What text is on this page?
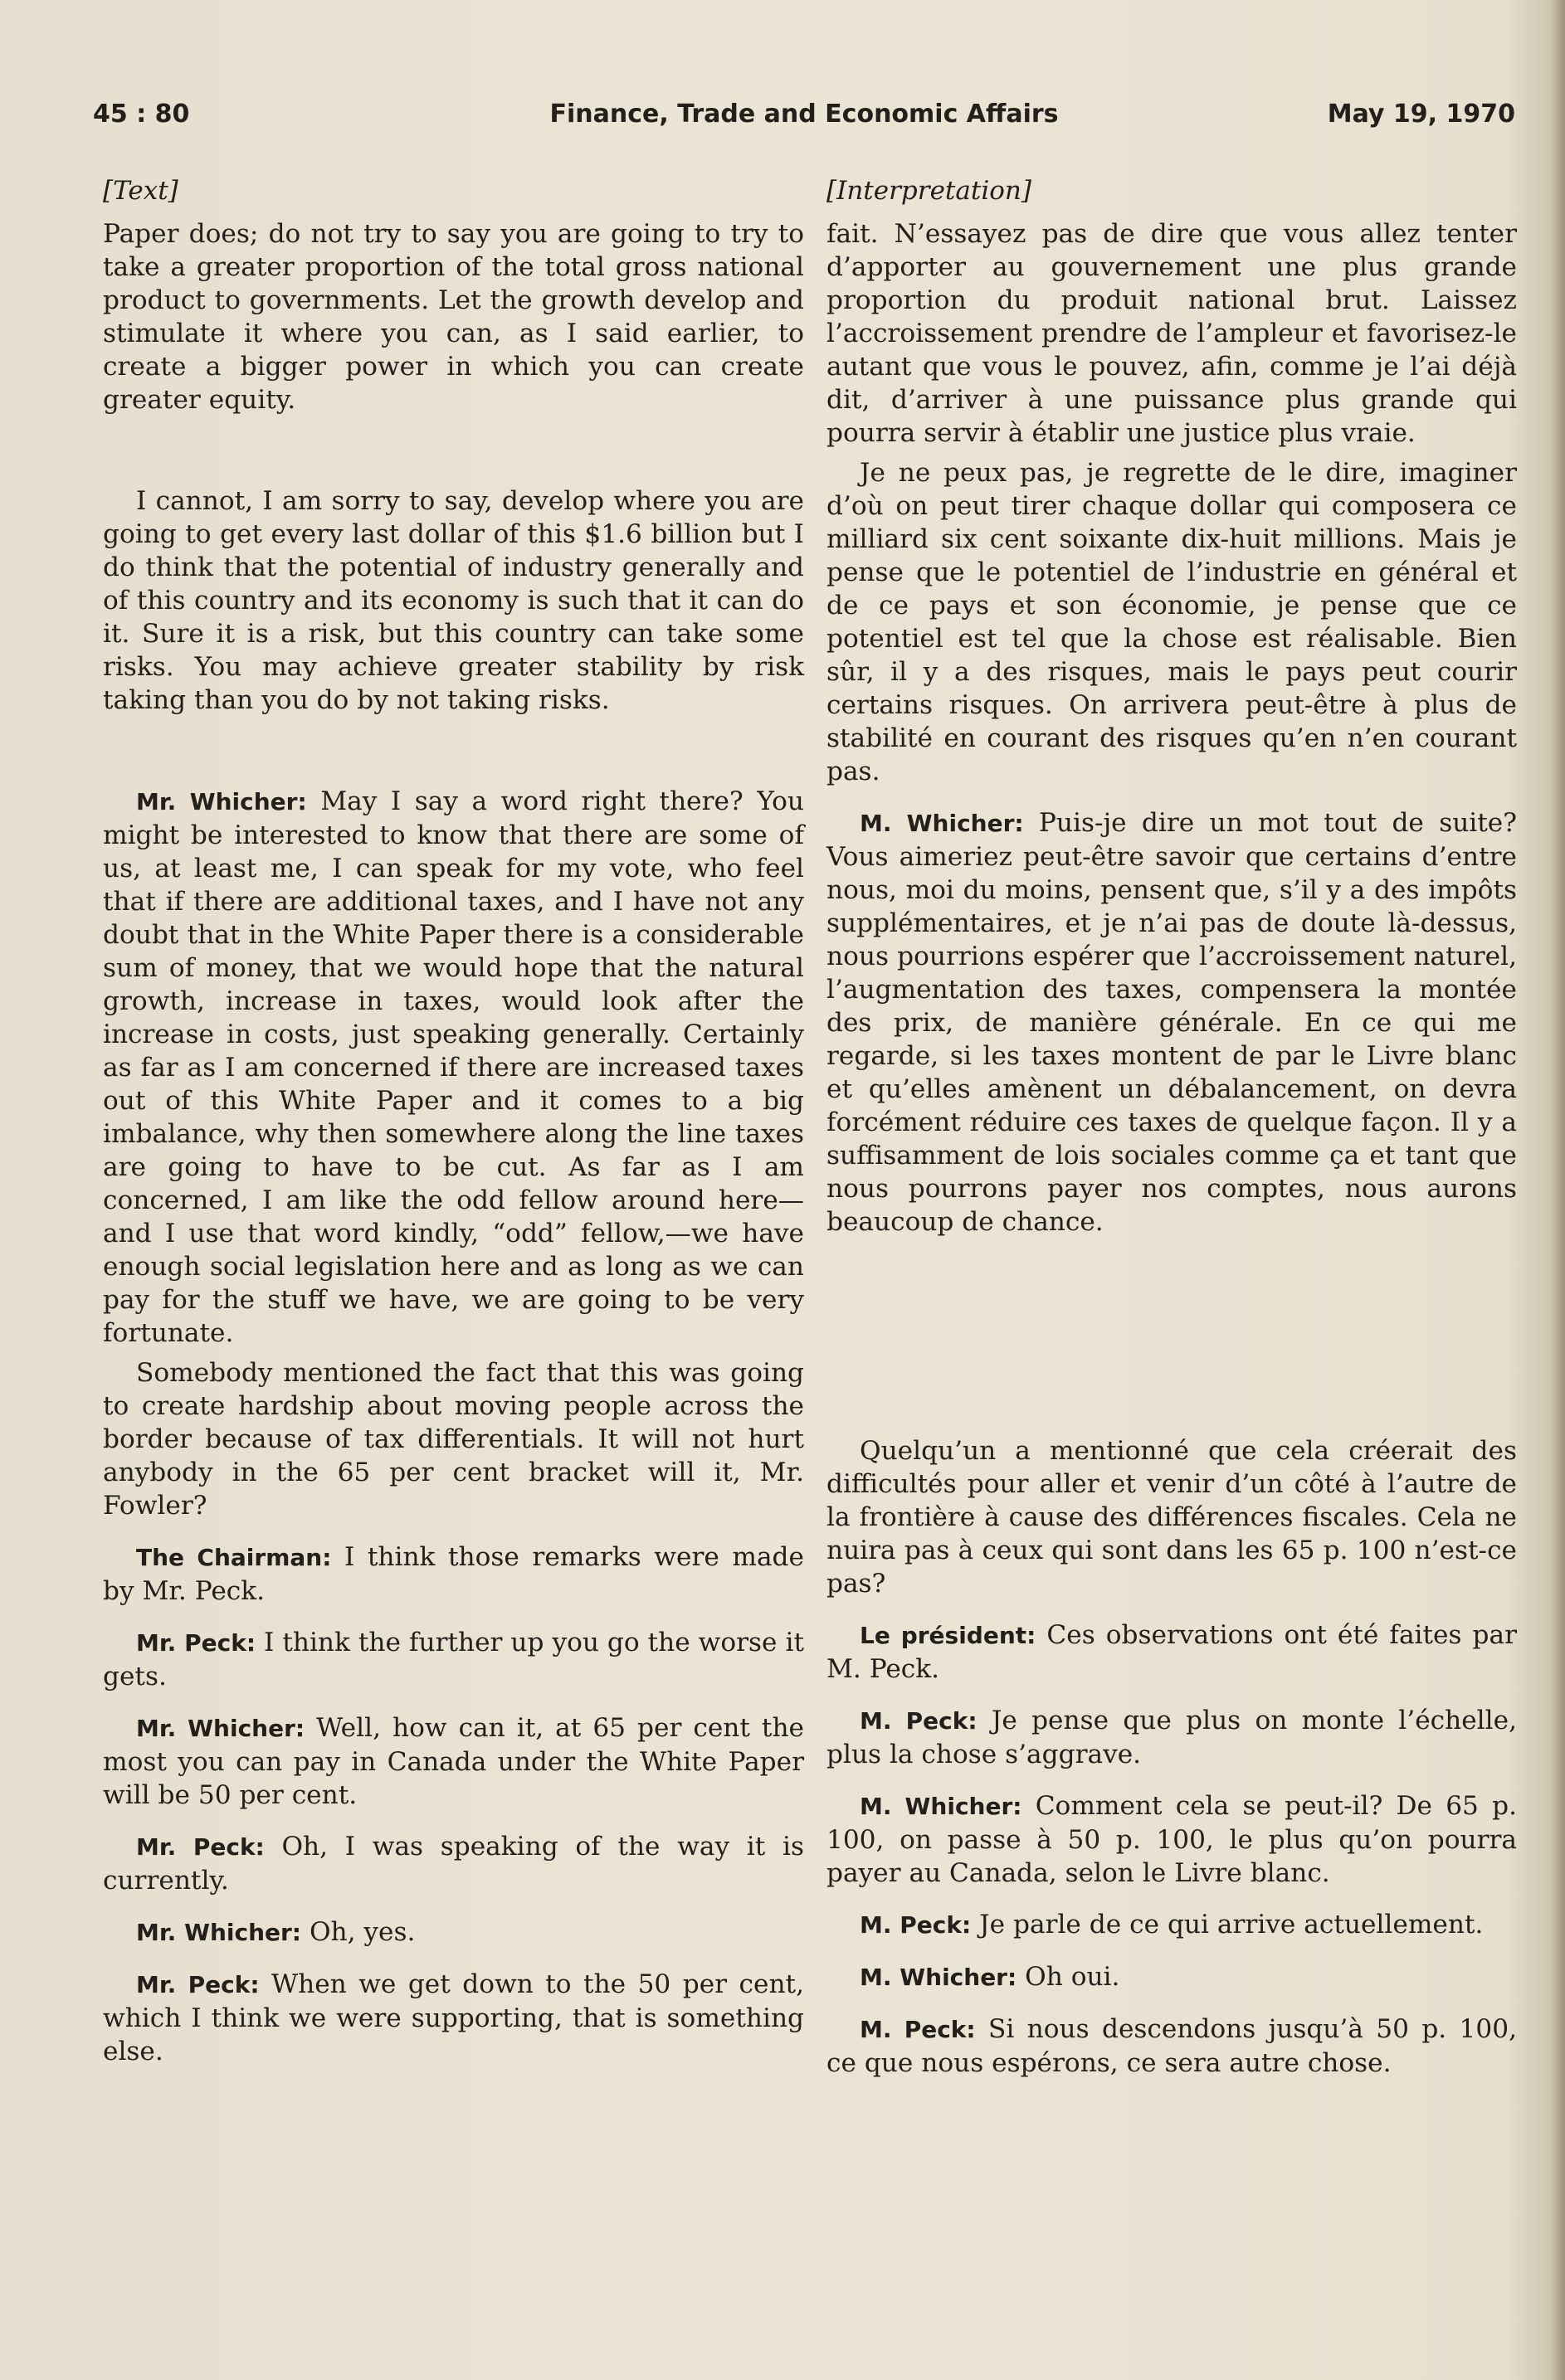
45 : 80	Finance, Trade and Economic Affairs	May 19, 1970
[Text]

Paper does; do not try to say you are going to try to take a greater proportion of the total gross national product to governments. Let the growth develop and stimulate it where you can, as I said earlier, to create a bigger power in which you can create greater equity.

I cannot, I am sorry to say, develop where you are going to get every last dollar of this $1.6 billion but I do think that the potential of industry generally and of this country and its economy is such that it can do it. Sure it is a risk, but this country can take some risks. You may achieve greater stability by risk taking than you do by not taking risks.

Mr. Whicher: May I say a word right there? You might be interested to know that there are some of us, at least me, I can speak for my vote, who feel that if there are additional taxes, and I have not any doubt that in the White Paper there is a considerable sum of money, that we would hope that the natural growth, increase in taxes, would look after the increase in costs, just speaking generally. Certainly as far as I am concerned if there are increased taxes out of this White Paper and it comes to a big imbalance, why then somewhere along the line taxes are going to have to be cut. As far as I am concerned, I am like the odd fellow around here—and I use that word kindly, “odd” fellow,—we have enough social legislation here and as long as we can pay for the stuff we have, we are going to be very fortunate.

Somebody mentioned the fact that this was going to create hardship about moving people across the border because of tax differentials. It will not hurt anybody in the 65 per cent bracket will it, Mr. Fowler?

The Chairman: I think those remarks were made by Mr. Peck.

Mr. Peck: I think the further up you go the worse it gets.

Mr. Whicher: Well, how can it, at 65 per cent the most you can pay in Canada under the White Paper will be 50 per cent.

Mr. Peck: Oh, I was speaking of the way it is currently.

Mr. Whicher: Oh, yes.

Mr. Peck: When we get down to the 50 per cent, which I think we were supporting, that is something else.

[Interpretation]

fait. N’essayez pas de dire que vous allez tenter d’apporter au gouvernement une plus grande proportion du produit national brut. Laissez l’accroissement prendre de l’ampleur et favorisez-le autant que vous le pouvez, afin, comme je l’ai déjà dit, d’arriver à une puissance plus grande qui pourra servir à établir une justice plus vraie.

Je ne peux pas, je regrette de le dire, imaginer d’où on peut tirer chaque dollar qui composera ce milliard six cent soixante dix-huit millions. Mais je pense que le potentiel de l’industrie en général et de ce pays et son économie, je pense que ce potentiel est tel que la chose est réalisable. Bien sûr, il y a des risques, mais le pays peut courir certains risques. On arrivera peut-être à plus de stabilité en courant des risques qu’en n’en courant pas.

M. Whicher: Puis-je dire un mot tout de suite? Vous aimeriez peut-être savoir que certains d’entre nous, moi du moins, pensent que, s’il y a des impôts supplémentaires, et je n’ai pas de doute là-dessus, nous pourrions espérer que l’accroissement naturel, l’augmentation des taxes, compensera la montée des prix, de manière générale. En ce qui me regarde, si les taxes montent de par le Livre blanc et qu’elles amènent un débalancement, on devra forcément réduire ces taxes de quelque façon. Il y a suffisamment de lois sociales comme ça et tant que nous pourrons payer nos comptes, nous aurons beaucoup de chance.

Quelqu’un a mentionné que cela créerait des difficultés pour aller et venir d’un côté à l’autre de la frontière à cause des différences fiscales. Cela ne nuira pas à ceux qui sont dans les 65 p. 100 n’est-ce pas?

Le président: Ces observations ont été faites par M. Peck.

M. Peck: Je pense que plus on monte l’échelle, plus la chose s’aggrave.

M. Whicher: Comment cela se peut-il? De 65 p. 100, on passe à 50 p. 100, le plus qu’on pourra payer au Canada, selon le Livre blanc.

M. Peck: Je parle de ce qui arrive actuellement.

M. Whicher: Oh oui.

M. Peck: Si nous descendons jusqu’à 50 p. 100, ce que nous espérons, ce sera autre chose.
